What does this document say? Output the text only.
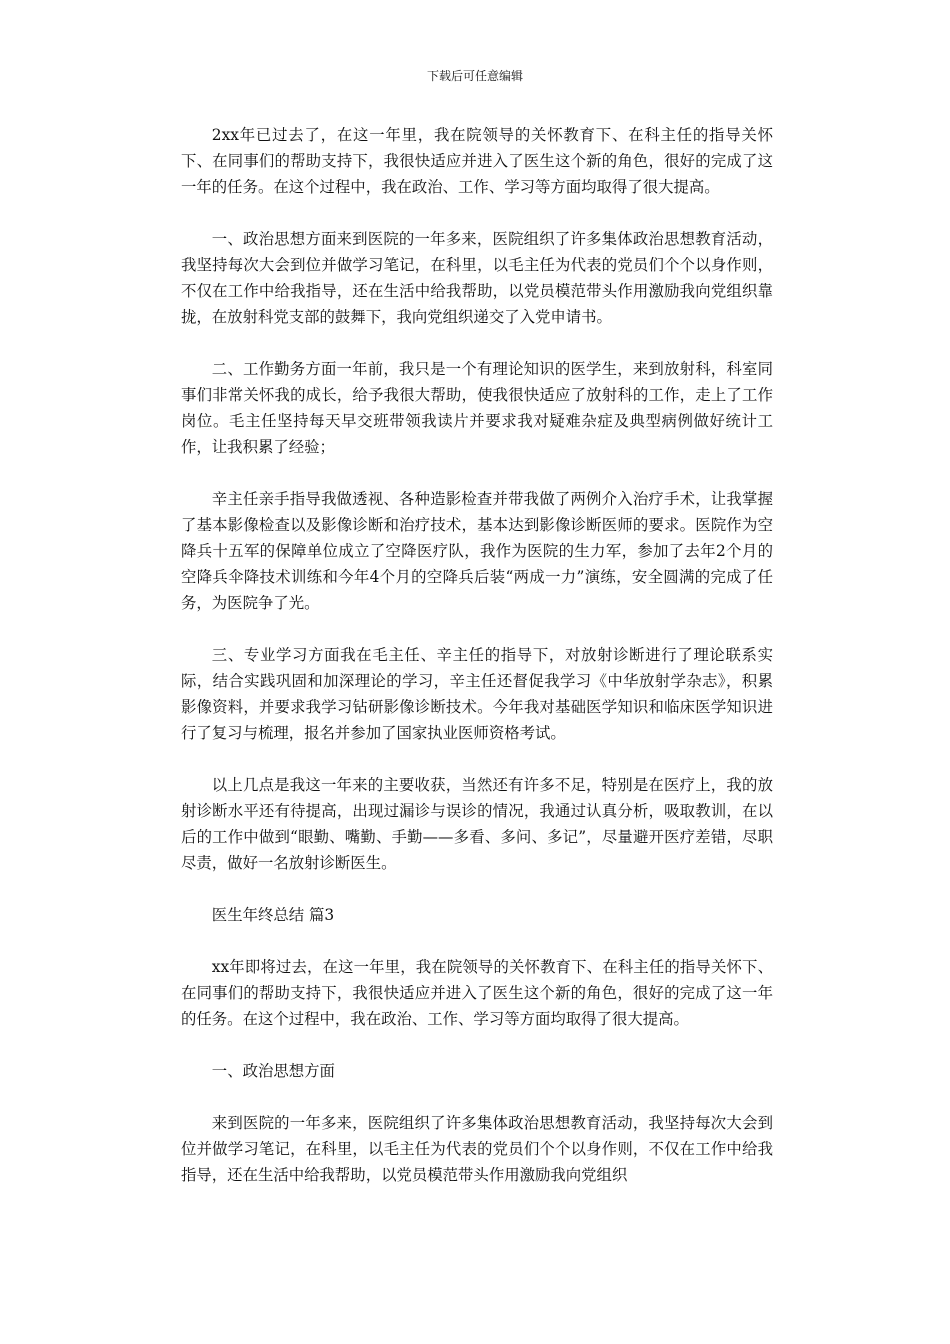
下载后可任意编辑

2xx年已过去了，在这一年里，我在院领导的关怀教育下、在科主任的指导关怀下、在同事们的帮助支持下，我很快适应并进入了医生这个新的角色，很好的完成了这一年的任务。在这个过程中，我在政治、工作、学习等方面均取得了很大提高。

一、政治思想方面来到医院的一年多来，医院组织了许多集体政治思想教育活动，我坚持每次大会到位并做学习笔记，在科里，以毛主任为代表的党员们个个以身作则，不仅在工作中给我指导，还在生活中给我帮助，以党员模范带头作用激励我向党组织靠拢，在放射科党支部的鼓舞下，我向党组织递交了入党申请书。

二、工作勤务方面一年前，我只是一个有理论知识的医学生，来到放射科，科室同事们非常关怀我的成长，给予我很大帮助，使我很快适应了放射科的工作，走上了工作岗位。毛主任坚持每天早交班带领我读片并要求我对疑难杂症及典型病例做好统计工作，让我积累了经验；

辛主任亲手指导我做透视、各种造影检查并带我做了两例介入治疗手术，让我掌握了基本影像检查以及影像诊断和治疗技术，基本达到影像诊断医师的要求。医院作为空降兵十五军的保障单位成立了空降医疗队，我作为医院的生力军，参加了去年2个月的空降兵伞降技术训练和今年4个月的空降兵后装“两成一力”演练，安全圆满的完成了任务，为医院争了光。

三、专业学习方面我在毛主任、辛主任的指导下，对放射诊断进行了理论联系实际，结合实践巩固和加深理论的学习，辛主任还督促我学习《中华放射学杂志》，积累影像资料，并要求我学习钻研影像诊断技术。今年我对基础医学知识和临床医学知识进行了复习与梳理，报名并参加了国家执业医师资格考试。

以上几点是我这一年来的主要收获，当然还有许多不足，特别是在医疗上，我的放射诊断水平还有待提高，出现过漏诊与误诊的情况，我通过认真分析，吸取教训，在以后的工作中做到“眼勤、嘴勤、手勤——多看、多问、多记”，尽量避开医疗差错，尽职尽责，做好一名放射诊断医生。

医生年终总结 篇3

xx年即将过去，在这一年里，我在院领导的关怀教育下、在科主任的指导关怀下、在同事们的帮助支持下，我很快适应并进入了医生这个新的角色，很好的完成了这一年的任务。在这个过程中，我在政治、工作、学习等方面均取得了很大提高。

一、政治思想方面

来到医院的一年多来，医院组织了许多集体政治思想教育活动，我坚持每次大会到位并做学习笔记，在科里，以毛主任为代表的党员们个个以身作则，不仅在工作中给我指导，还在生活中给我帮助，以党员模范带头作用激励我向党组织
